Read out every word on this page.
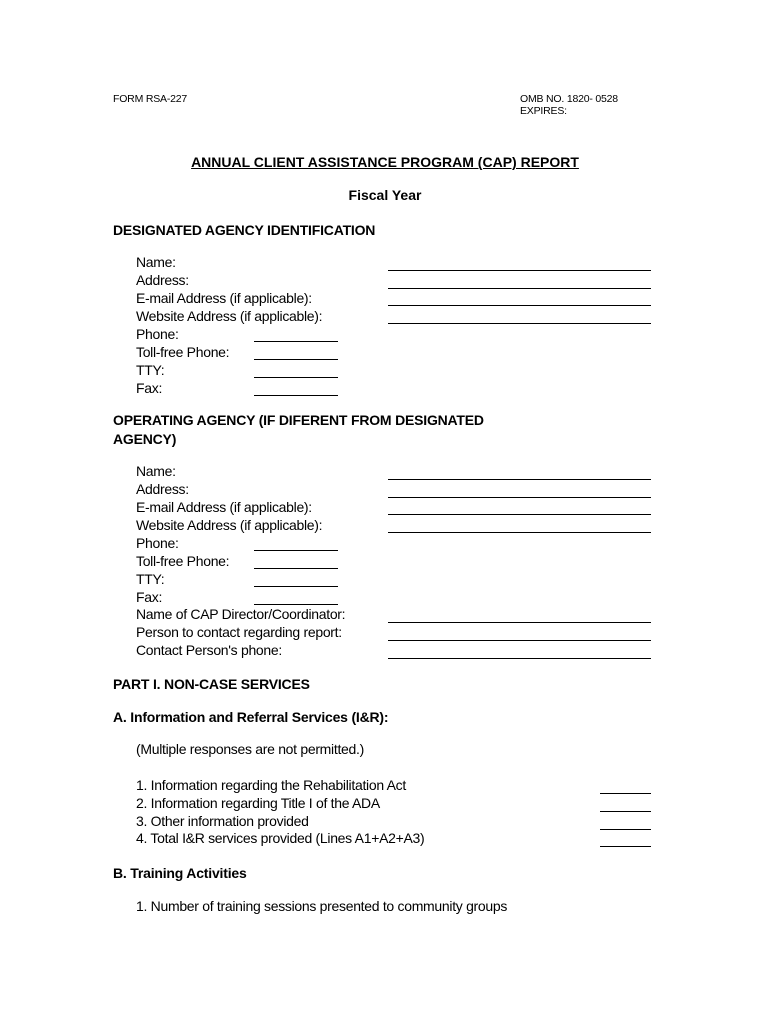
FORM RSA-227	OMB NO. 1820- 0528
EXPIRES:
ANNUAL CLIENT ASSISTANCE PROGRAM (CAP) REPORT
Fiscal Year
DESIGNATED AGENCY IDENTIFICATION
Name:
Address:
E-mail Address (if applicable):
Website Address (if applicable):
Phone:
Toll-free Phone:
TTY:
Fax:
OPERATING AGENCY (IF DIFERENT FROM DESIGNATED
AGENCY)
Name:
Address:
E-mail Address (if applicable):
Website Address (if applicable):
Phone:
Toll-free Phone:
TTY:
Fax:
Name of CAP Director/Coordinator:
Person to contact regarding report:
Contact Person's phone:
PART I. NON-CASE SERVICES
A. Information and Referral Services (I&R):
(Multiple responses are not permitted.)
1. Information regarding the Rehabilitation Act
2. Information regarding Title I of the ADA
3. Other information provided
4. Total I&R services provided (Lines A1+A2+A3)
B. Training Activities
1. Number of training sessions presented to community groups
